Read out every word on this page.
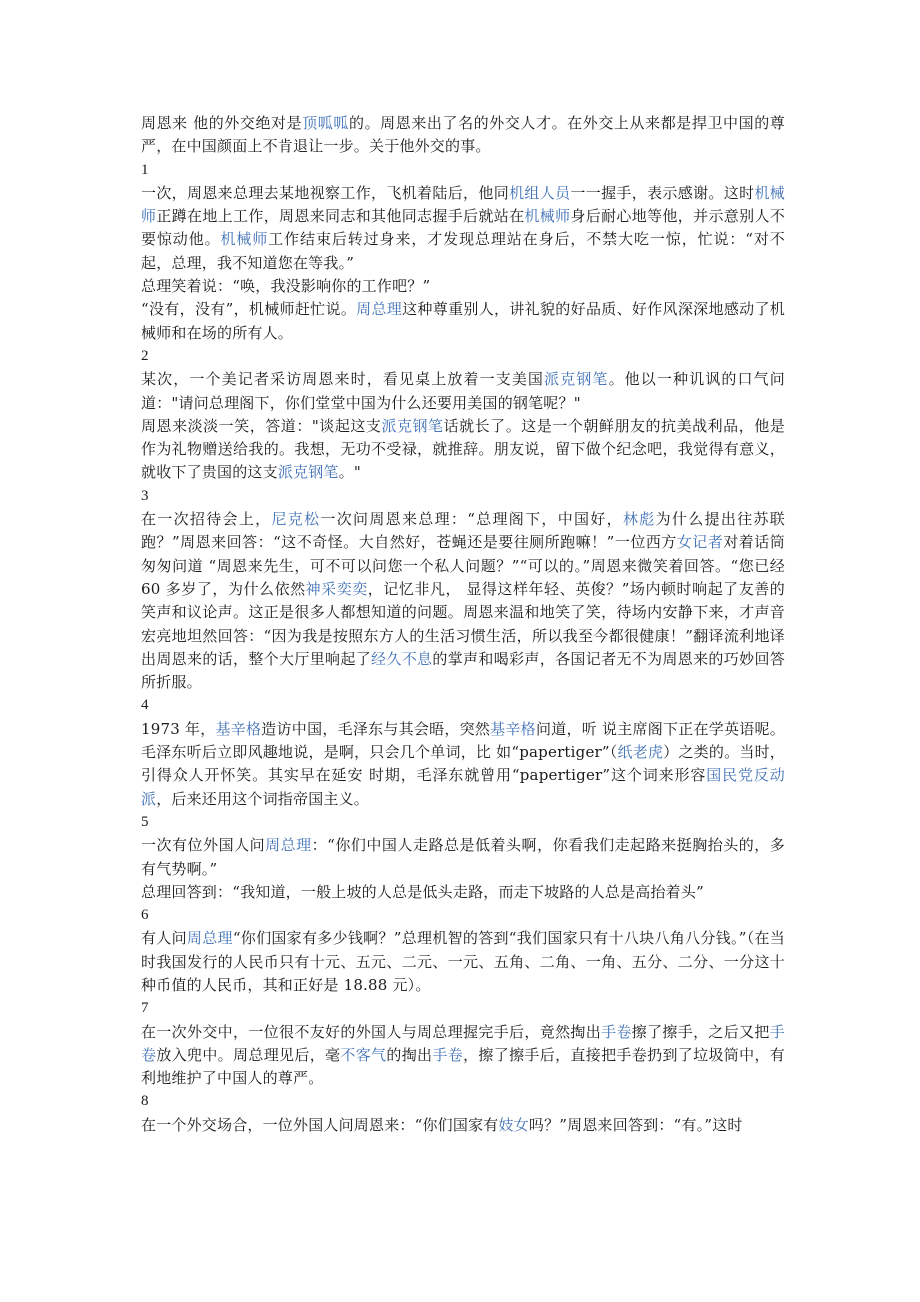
周恩来 他的外交绝对是顶呱呱的。周恩来出了名的外交人才。在外交上从来都是捍卫中国的尊严，在中国颜面上不肯退让一步。关于他外交的事。

1

一次，周恩来总理去某地视察工作，飞机着陆后，他同机组人员一一握手，表示感谢。这时机械师正蹲在地上工作，周恩来同志和其他同志握手后就站在机械师身后耐心地等他，并示意别人不要惊动他。机械师工作结束后转过身来，才发现总理站在身后，不禁大吃一惊，忙说：“对不起，总理，我不知道您在等我。”

总理笑着说：“唤，我没影响你的工作吧？”

“没有，没有”，机械师赶忙说。周总理这种尊重别人，讲礼貌的好品质、好作风深深地感动了机械师和在场的所有人。

2

某次，一个美记者采访周恩来时，看见桌上放着一支美国派克钢笔。他以一种讥讽的口气问道："请问总理阁下，你们堂堂中国为什么还要用美国的钢笔呢？"

周恩来淡淡一笑，答道："谈起这支派克钢笔话就长了。这是一个朝鲜朋友的抗美战利品，他是作为礼物赠送给我的。我想，无功不受禄，就推辞。朋友说，留下做个纪念吧，我觉得有意义，就收下了贵国的这支派克钢笔。"

3

在一次招待会上，尼克松一次问周恩来总理：“总理阁下，中国好，林彪为什么提出往苏联跑？”周恩来回答：“这不奇怪。大自然好，苍蝇还是要往厕所跑嘛！”一位西方女记者对着话筒匆匆问道 “周恩来先生，可不可以问您一个私人问题？”“可以的。”周恩来微笑着回答。“您已经 60 多岁了，为什么依然神采奕奕，记忆非凡， 显得这样年轻、英俊？”场内顿时响起了友善的笑声和议论声。这正是很多人都想知道的问题。周恩来温和地笑了笑，待场内安静下来，才声音宏亮地坦然回答：“因为我是按照东方人的生活习惯生活，所以我至今都很健康！”翻译流利地译出周恩来的话，整个大厅里响起了经久不息的掌声和喝彩声，各国记者无不为周恩来的巧妙回答所折服。

4

1973 年，基辛格造访中国，毛泽东与其会晤，突然基辛格问道，听 说主席阁下正在学英语呢。毛泽东听后立即风趣地说，是啊，只会几个单词，比 如“papertiger”（纸老虎）之类的。当时，引得众人开怀笑。其实早在延安 时期，毛泽东就曾用“papertiger”这个词来形容国民党反动派，后来还用这个词指帝国主义。

5

一次有位外国人问周总理：“你们中国人走路总是低着头啊，你看我们走起路来挺胸抬头的，多有气势啊。”

总理回答到：“我知道，一般上坡的人总是低头走路，而走下坡路的人总是高抬着头”

6

有人问周总理“你们国家有多少钱啊？”总理机智的答到“我们国家只有十八块八角八分钱。”（在当时我国发行的人民币只有十元、五元、二元、一元、五角、二角、一角、五分、二分、一分这十种币值的人民币，其和正好是 18.88 元）。

7

在一次外交中，一位很不友好的外国人与周总理握完手后，竟然掏出手卷擦了擦手，之后又把手卷放入兜中。周总理见后，毫不客气的掏出手卷，擦了擦手后，直接把手卷扔到了垃圾筒中，有利地维护了中国人的尊严。

8

在一个外交场合，一位外国人问周恩来：“你们国家有妓女吗？”周恩来回答到：“有。”这时
